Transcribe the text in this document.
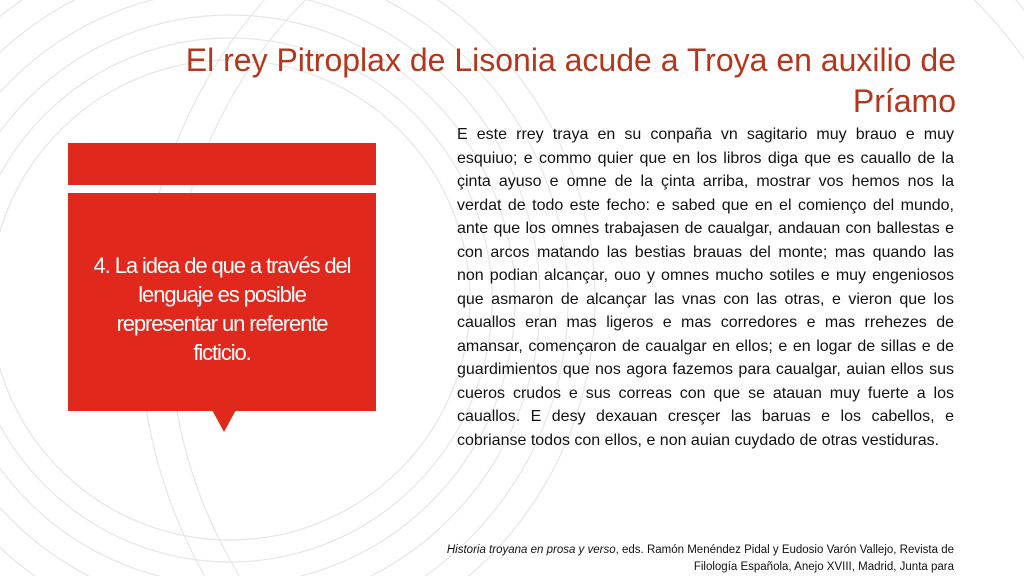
El rey Pitroplax de Lisonia acude a Troya en auxilio de Príamo

4. La idea de que a través del lenguaje es posible representar un referente ficticio.

E este rrey traya en su conpaña vn sagitario muy brauo e muy esquiuo; e commo quier que en los libros diga que es cauallo de la çinta ayuso e omne de la çinta arriba, mostrar vos hemos nos la verdat de todo este fecho: e sabed que en el comienço del mundo, ante que los omnes trabajasen de caualgar, andauan con ballestas e con arcos matando las bestias brauas del monte; mas quando las non podian alcançar, ouo y omnes mucho sotiles e muy engeniosos que asmaron de alcançar las vnas con las otras, e vieron que los cauallos eran mas ligeros e mas corredores e mas rrehezes de amansar, començaron de caualgar en ellos; e en logar de sillas e de guardimientos que nos agora fazemos para caualgar, auian ellos sus cueros crudos e sus correas con que se atauan muy fuerte a los cauallos. E desy dexauan cresçer las baruas e los cabellos, e cobrianse todos con ellos, e non auian cuydado de otras vestiduras.

Historia troyana en prosa y verso, eds. Ramón Menéndez Pidal y Eudosio Varón Vallejo, Revista de Filología Española, Anejo XVIII, Madrid, Junta para
